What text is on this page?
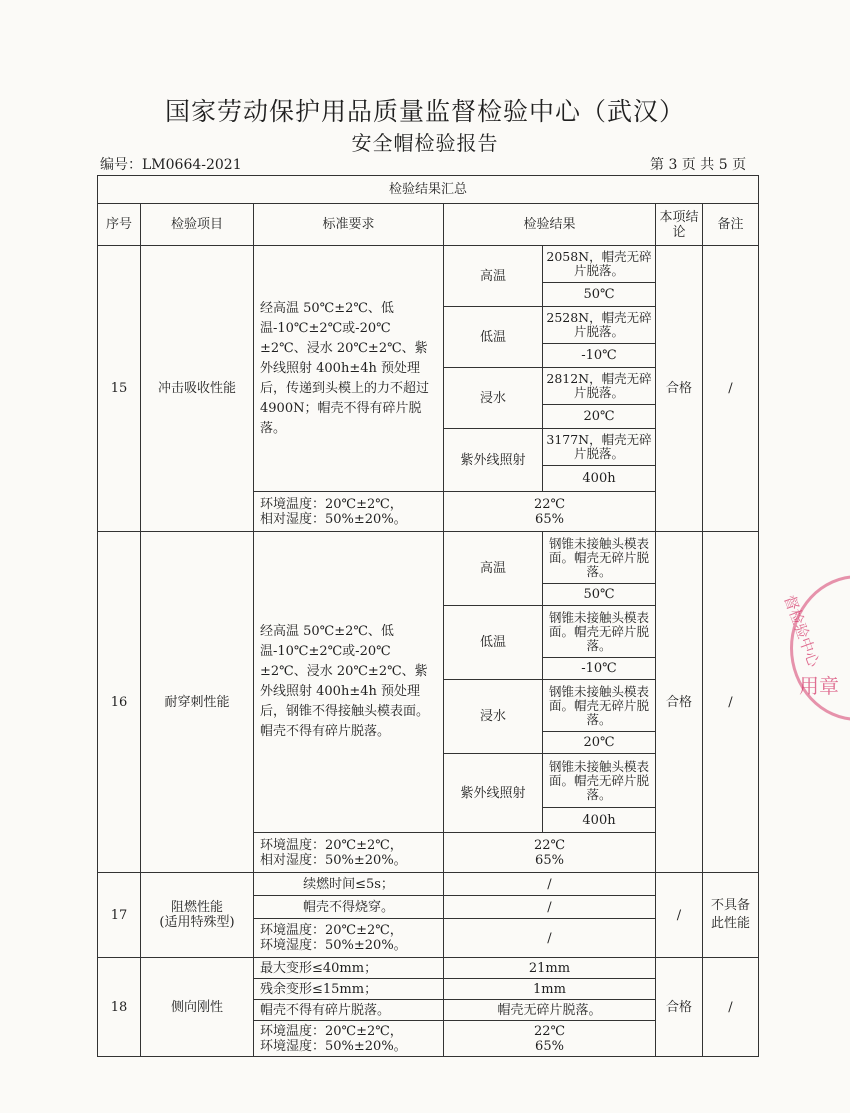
国家劳动保护用品质量监督检验中心（武汉）
安全帽检验报告
编号：LM0664-2021	第 3 页 共 5 页
检验结果汇总						
序号	检验项目	标准要求	检验结果		本项结论	备注
15	冲击吸收性能	经高温 50℃±2℃、低温-10℃±2℃或-20℃±2℃、浸水 20℃±2℃、紫外线照射 400h±4h 预处理后，传递到头模上的力不超过 4900N；帽壳不得有碎片脱落。	高温	2058N，帽壳无碎片脱落。	合格	/
				50℃		
			低温	2528N，帽壳无碎片脱落。		
				-10℃		
			浸水	2812N，帽壳无碎片脱落。		
				20℃		
			紫外线照射	3177N，帽壳无碎片脱落。		
				400h		
		环境温度：20℃±2℃，
相对湿度：50%±20%。	22℃
65%			
16	耐穿刺性能	经高温 50℃±2℃、低温-10℃±2℃或-20℃±2℃、浸水 20℃±2℃、紫外线照射 400h±4h 预处理后，钢锥不得接触头模表面。帽壳不得有碎片脱落。	高温	钢锥未接触头模表面。帽壳无碎片脱落。	合格	/
				50℃		
			低温	钢锥未接触头模表面。帽壳无碎片脱落。		
				-10℃		
			浸水	钢锥未接触头模表面。帽壳无碎片脱落。		
				20℃		
			紫外线照射	钢锥未接触头模表面。帽壳无碎片脱落。		
				400h		
		环境温度：20℃±2℃，
相对湿度：50%±20%。	22℃
65%			
17	阻燃性能
(适用特殊型)	续燃时间≤5s；	/		/	不具备此性能
		帽壳不得烧穿。	/			
		环境温度：20℃±2℃，
环境湿度：50%±20%。	/			
18	侧向刚性	最大变形≤40mm；	21mm		合格	/
		残余变形≤15mm；	1mm			
		帽壳不得有碎片脱落。	帽壳无碎片脱落。			
		环境温度：20℃±2℃，
环境湿度：50%±20%。	22℃
65%			
督检验中心
用章
